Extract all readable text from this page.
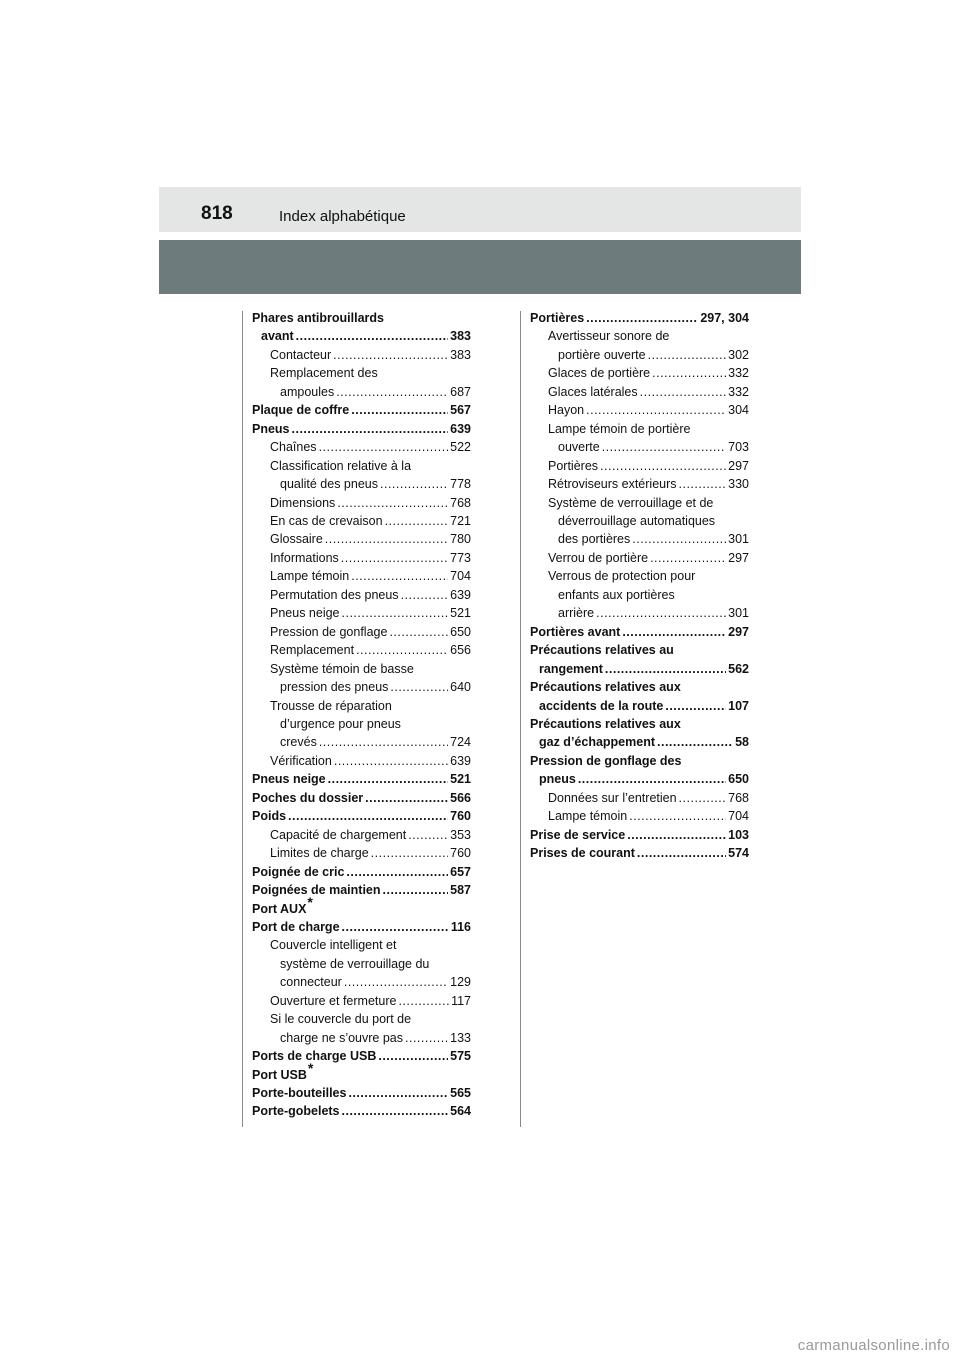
818	Index alphabétique
Phares antibrouillards
avant .....	383
Contacteur .....	383
Remplacement des
ampoules .....	687
Plaque de coffre .....	567
Pneus .....	639
Chaînes .....	522
Classification relative à la
qualité des pneus .....	778
Dimensions .....	768
En cas de crevaison .....	721
Glossaire .....	780
Informations .....	773
Lampe témoin .....	704
Permutation des pneus .....	639
Pneus neige .....	521
Pression de gonflage .....	650
Remplacement .....	656
Système témoin de basse
pression des pneus .....	640
Trousse de réparation
d’urgence pour pneus
crevés .....	724
Vérification .....	639
Pneus neige .....	521
Poches du dossier .....	566
Poids .....	760
Capacité de chargement .....	353
Limites de charge .....	760
Poignée de cric .....	657
Poignées de maintien .....	587
Port AUX*
Port de charge .....	116
Couvercle intelligent et
système de verrouillage du
connecteur .....	129
Ouverture et fermeture .....	117
Si le couvercle du port de
charge ne s’ouvre pas .....	133
Ports de charge USB .....	575
Port USB*
Porte-bouteilles .....	565
Porte-gobelets .....	564
Portières .....	297, 304
Avertisseur sonore de
portière ouverte .....	302
Glaces de portière .....	332
Glaces latérales .....	332
Hayon .....	304
Lampe témoin de portière
ouverte .....	703
Portières .....	297
Rétroviseurs extérieurs .....	330
Système de verrouillage et de
déverrouillage automatiques
des portières .....	301
Verrou de portière .....	297
Verrous de protection pour
enfants aux portières
arrière .....	301
Portières avant .....	297
Précautions relatives au
rangement .....	562
Précautions relatives aux
accidents de la route .....	107
Précautions relatives aux
gaz d’échappement .....	58
Pression de gonflage des
pneus .....	650
Données sur l’entretien .....	768
Lampe témoin .....	704
Prise de service .....	103
Prises de courant .....	574
carmanualsonline.info
